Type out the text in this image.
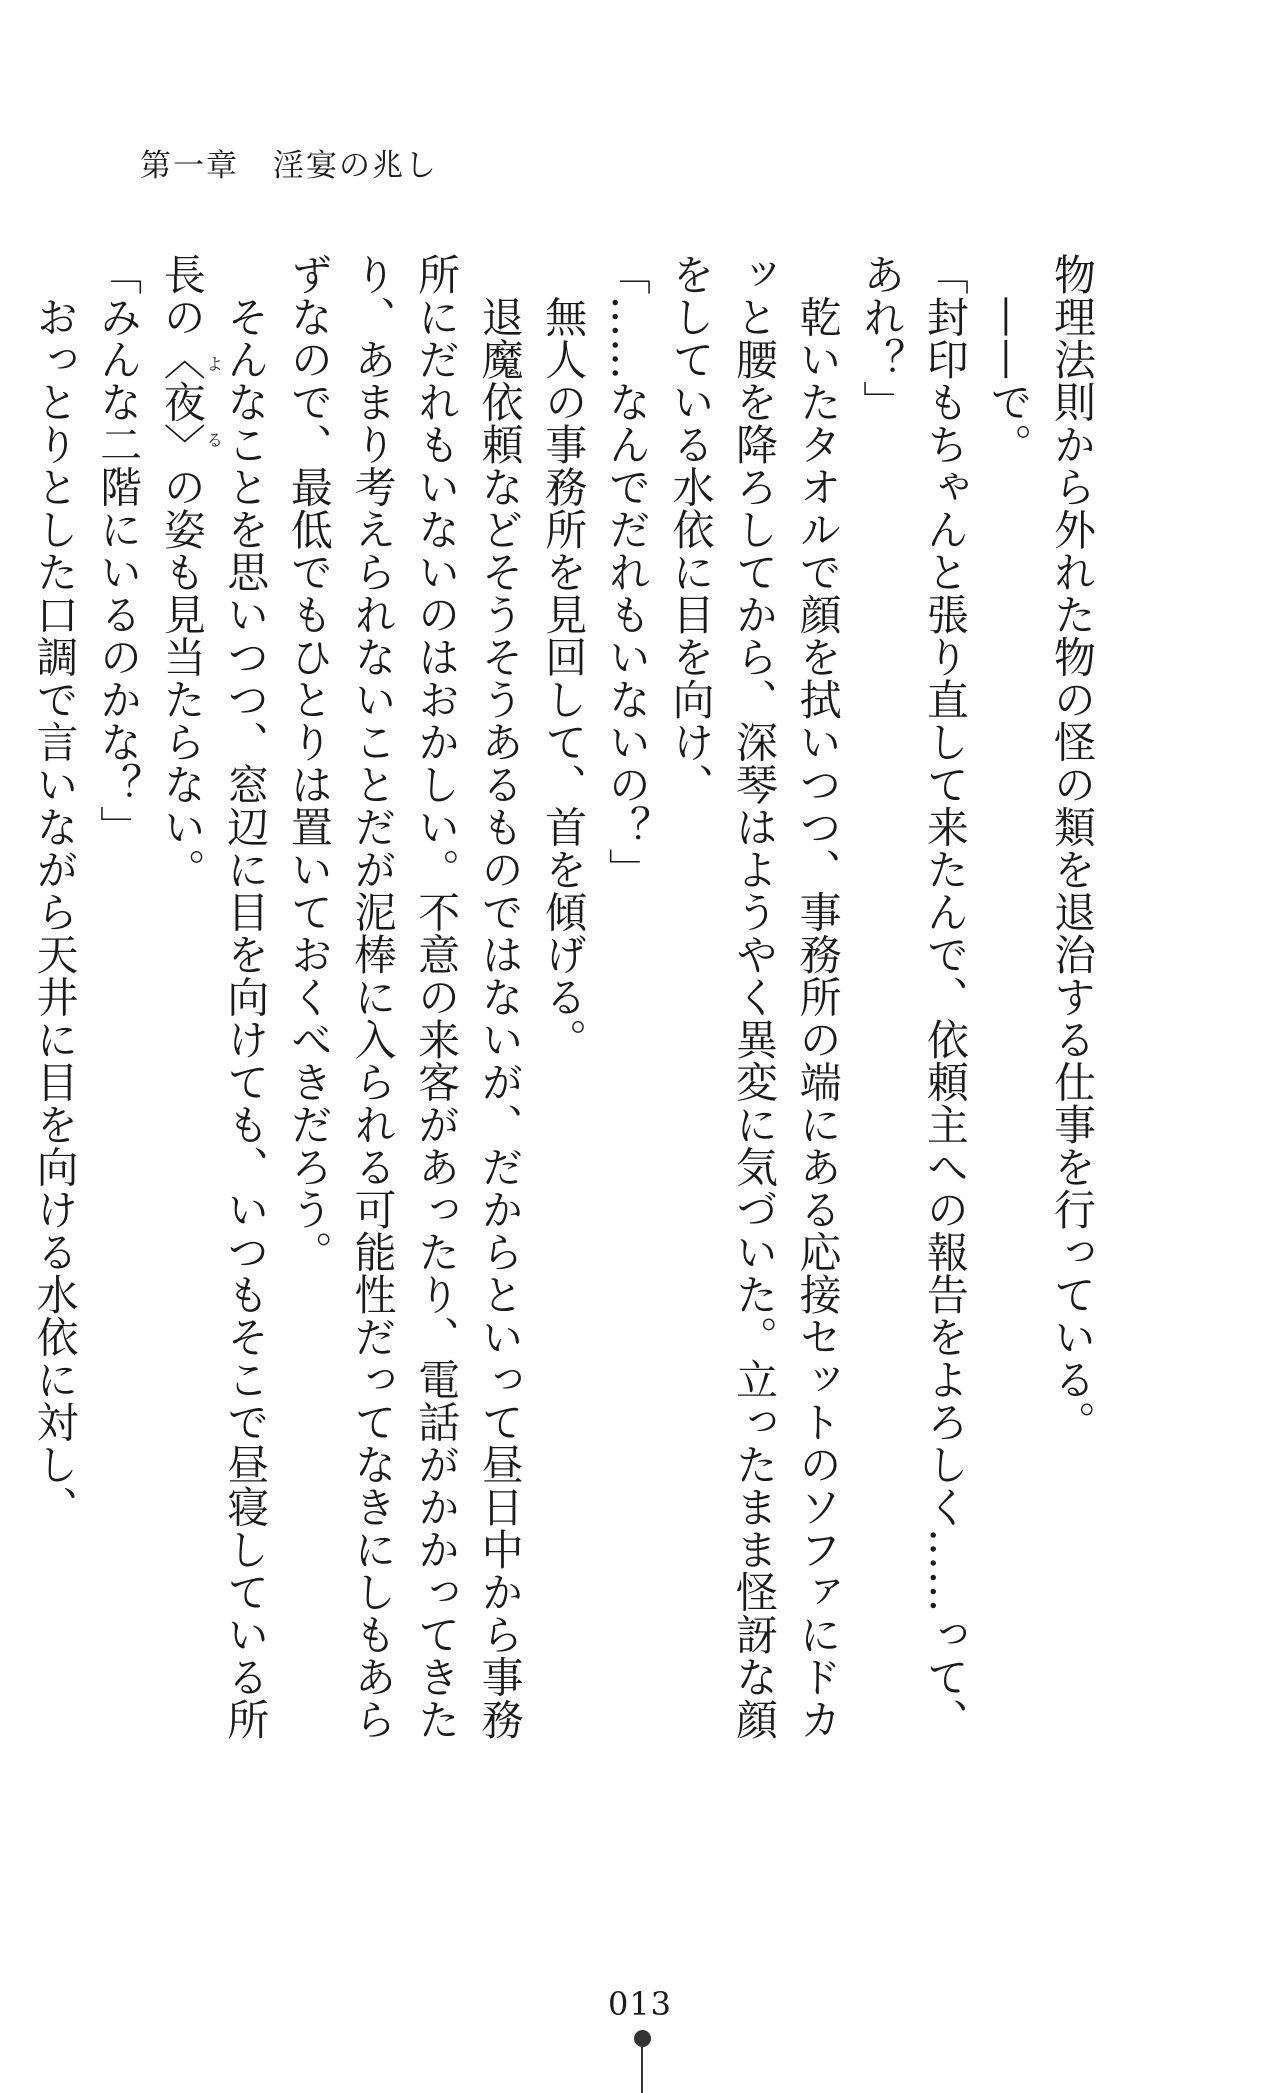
第一章 淫宴の兆し

物理法則から外れた物の怪の類を退治する仕事を行っている。

　——で。

「封印もちゃんと張り直して来たんで、依頼主への報告をよろしく……って、あれ？」

　乾いたタオルで顔を拭いつつ、事務所の端にある応接セットのソファにドカッと腰を降ろしてから、深琴はようやく異変に気づいた。立ったまま怪訝な顔をしている水依に目を向け、

「……なんでだれもいないの？」

　無人の事務所を見回して、首を傾げる。

　退魔依頼などそうそうあるものではないが、だからといって昼日中から事務所にだれもいないのはおかしい。不意の来客があったり、電話がかかってきたり、あまり考えられないことだが泥棒に入られる可能性だってなきにしもあらずなので、最低でもひとりは置いておくべきだろう。

　そんなことを思いつつ、窓辺に目を向けても、いつもそこで昼寝している所長の〈夜〉よるの姿も見当たらない。

「みんな二階にいるのかな？」

　おっとりとした口調で言いながら天井に目を向ける水依に対し、

013
